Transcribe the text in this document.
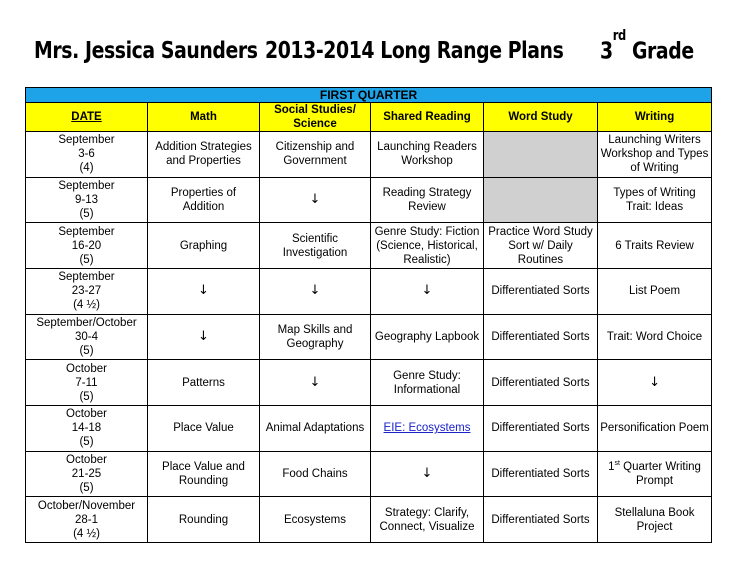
Mrs. Jessica Saunders 2013-2014 Long Range Plans 3rd Grade
FIRST QUARTER					
DATE	Math	Social Studies/ Science	Shared Reading	Word Study	Writing

September
3-6
(4)	Addition Strategies and Properties	Citizenship and Government	Launching Readers Workshop		Launching Writers Workshop and Types of Writing

September
9-13
(5)	Properties of Addition	↓	Reading Strategy Review		Types of Writing Trait: Ideas

September
16-20
(5)	Graphing	Scientific Investigation	Genre Study: Fiction (Science, Historical, Realistic)	Practice Word Study Sort w/ Daily Routines	6 Traits Review

September
23-27
(4 ½)	↓	↓	↓	Differentiated Sorts	List Poem

September/October
30-4
(5)	↓	Map Skills and Geography	Geography Lapbook	Differentiated Sorts	Trait: Word Choice

October
7-11
(5)	Patterns	↓	Genre Study: Informational	Differentiated Sorts	↓

October
14-18
(5)	Place Value	Animal Adaptations	EIE: Ecosystems	Differentiated Sorts	Personification Poem

October
21-25
(5)	Place Value and Rounding	Food Chains	↓	Differentiated Sorts	1st Quarter Writing Prompt

October/November
28-1
(4 ½)	Rounding	Ecosystems	Strategy: Clarify, Connect, Visualize	Differentiated Sorts	Stellaluna Book Project
